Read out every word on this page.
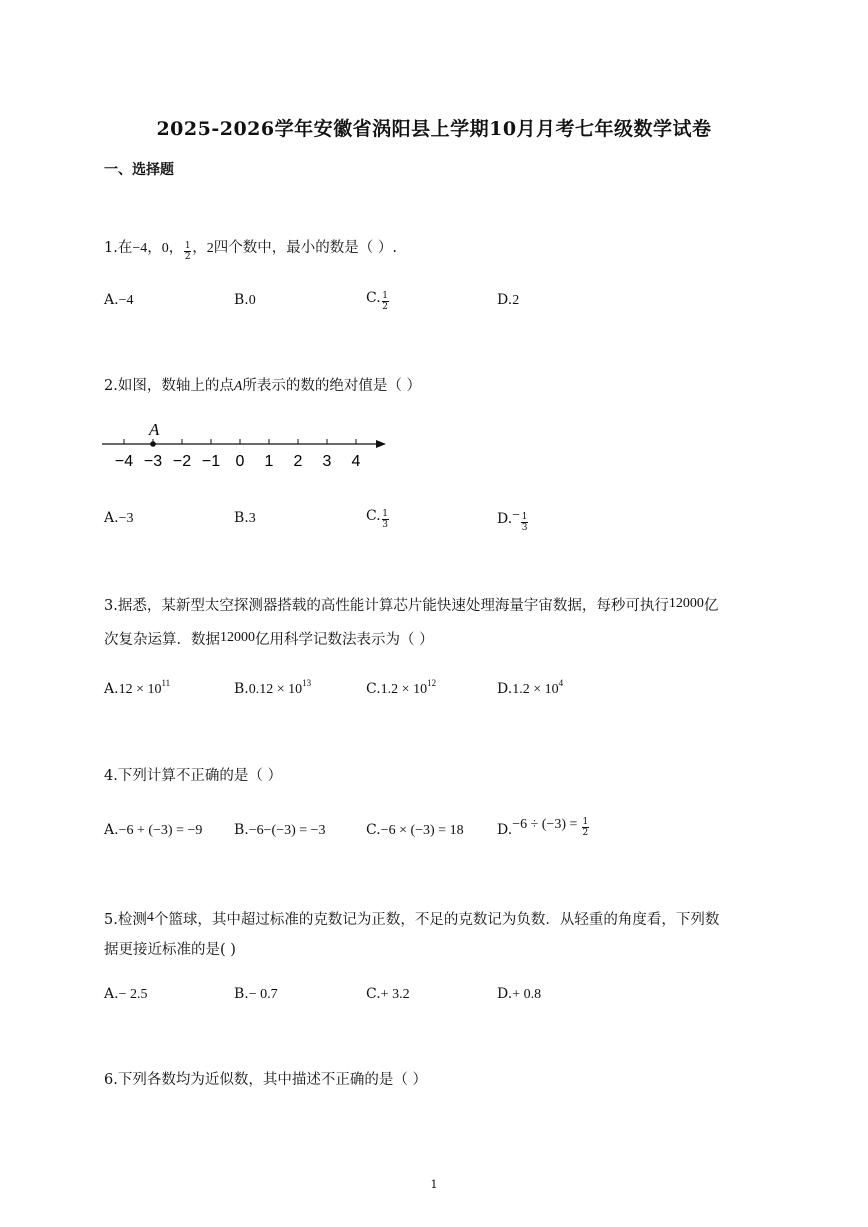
2025-2026学年安徽省涡阳县上学期10月月考七年级数学试卷
一、选择题
1.在−4，0， $\frac{1}{2}$ ，2四个数中，最小的数是（ ）.
A.−4	B.0	C. $\frac{1}{2}$	D.2
2.如图，数轴上的点A所表示的数的绝对值是（ ）
−4 −3 −2 −1 0 1 2 3 4
A
A.−3	B.3	C. $\frac{1}{3}$	$D.- \frac{1}{3}$
3.据悉，某新型太空探测器搭载的高性能计算芯片能快速处理海量宇宙数据，每秒可执行12000亿
次复杂运算．数据12000亿用科学记数法表示为（ ）
$A.12 \times 10^{11}$	$B.0.12 \times 10^{13}$	$C.1.2 \times 10^{12}$	$D.1.2 \times 10^4$
4.下列计算不正确的是（ ）
A.−6 + (−3) = −9 B.−6−(−3) = −3	C.−6 × (−3) = 18 $D.-6 \div (-3) = \frac{1}{2}$
5.检测4个篮球，其中超过标准的克数记为正数，不足的克数记为负数．从轻重的角度看，下列数
据更接近标准的是( )
A.− 2.5	B.− 0.7	C.+ 3.2	D.+ 0.8
6.下列各数均为近似数，其中描述不正确的是（ ）
1
